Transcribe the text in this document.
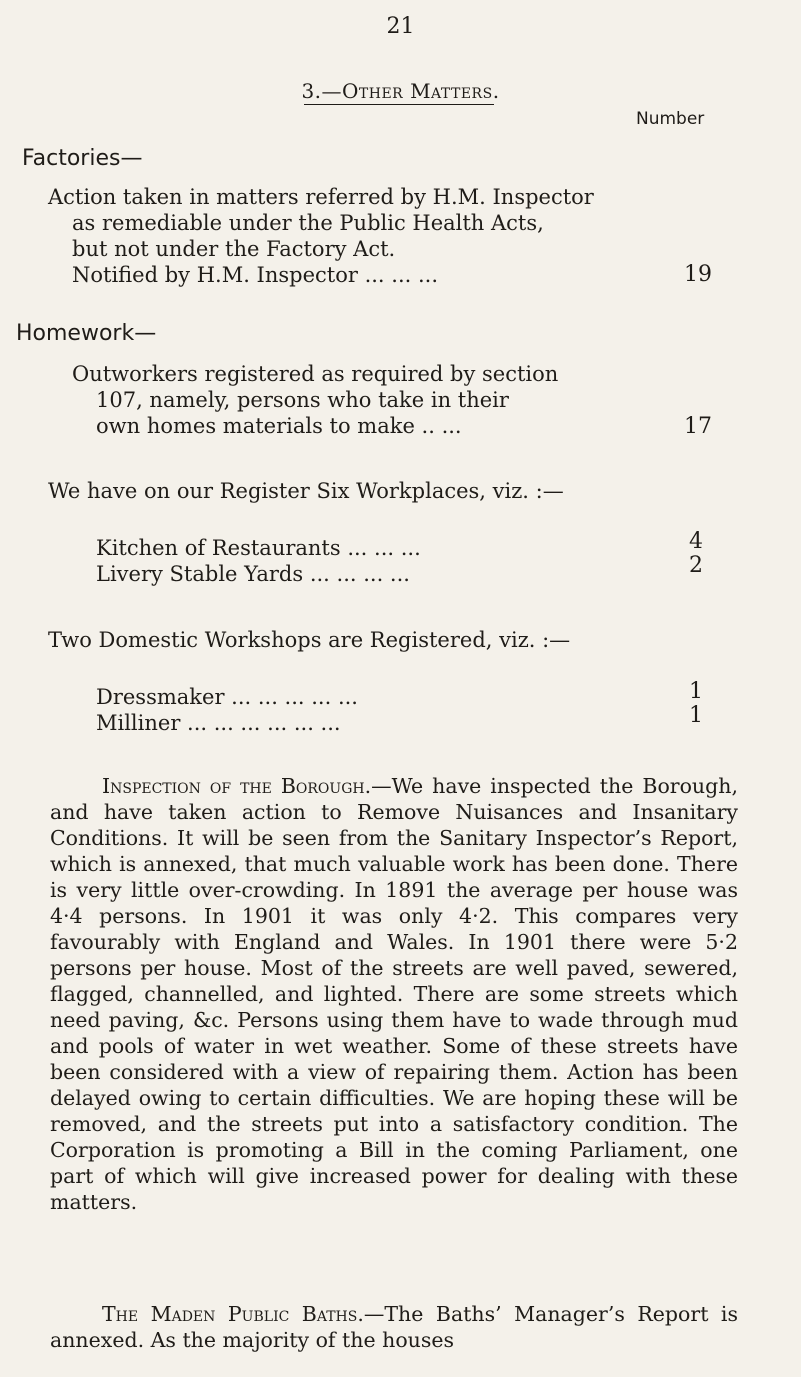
21
3.—Other Matters.
Number
Factories—
Action taken in matters referred by H.M. Inspector
as remediable under the Public Health Acts,
but not under the Factory Act.
Notified by H.M. Inspector ... ... ...	19
Homework—
Outworkers registered as required by section
107, namely, persons who take in their
own homes materials to make .. ...	17
We have on our Register Six Workplaces, viz. :—
Kitchen of Restaurants ... ... ...	4
Livery Stable Yards ... ... ... ...	2
Two Domestic Workshops are Registered, viz. :—
Dressmaker ... ... ... ... ...	1
Milliner ... ... ... ... ... ...	1
Inspection of the Borough.—We have inspected the Borough, and have taken action to Remove Nuisances and Insanitary Conditions. It will be seen from the Sanitary Inspector’s Report, which is annexed, that much valuable work has been done. There is very little over-crowding. In 1891 the average per house was 4·4 persons. In 1901 it was only 4·2. This compares very favourably with England and Wales. In 1901 there were 5·2 persons per house. Most of the streets are well paved, sewered, flagged, channelled, and lighted. There are some streets which need paving, &c. Persons using them have to wade through mud and pools of water in wet weather. Some of these streets have been considered with a view of repairing them. Action has been delayed owing to certain difficulties. We are hoping these will be removed, and the streets put into a satisfactory condition. The Corporation is promoting a Bill in the coming Parliament, one part of which will give increased power for dealing with these matters.
The Maden Public Baths.—The Baths’ Manager’s Report is annexed. As the majority of the houses
